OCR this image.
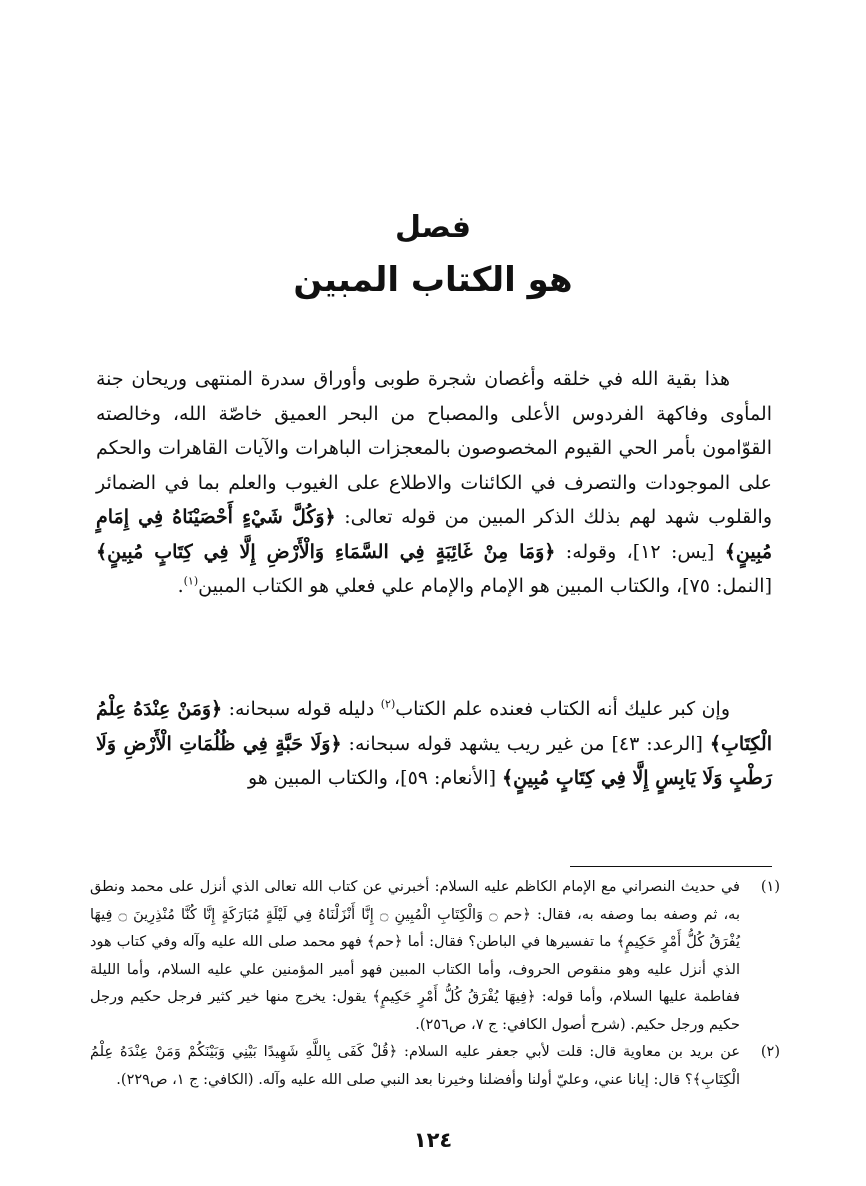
فصل
هو الكتاب المبين

هذا بقية الله في خلقه وأغصان شجرة طوبى وأوراق سدرة المنتهى وريحان جنة المأوى وفاكهة الفردوس الأعلى والمصباح من البحر العميق خاصّة الله، وخالصته القوّامون بأمر الحي القيوم المخصوصون بالمعجزات الباهرات والآيات القاهرات والحكم على الموجودات والتصرف في الكائنات والاطلاع على الغيوب والعلم بما في الضمائر والقلوب شهد لهم بذلك الذكر المبين من قوله تعالى: ﴿وَكُلَّ شَيْءٍ أَحْصَيْنَاهُ فِي إِمَامٍ مُبِينٍ﴾ [يس: ١٢]، وقوله: ﴿وَمَا مِنْ غَائِبَةٍ فِي السَّمَاءِ وَالْأَرْضِ إِلَّا فِي كِتَابٍ مُبِينٍ﴾ [النمل: ٧٥]، والكتاب المبين هو الإمام والإمام علي فعلي هو الكتاب المبين$^{(١)}$.

وإن كبر عليك أنه الكتاب فعنده علم الكتاب$^{(٢)}$ دليله قوله سبحانه: ﴿وَمَنْ عِنْدَهُ عِلْمُ الْكِتَابِ﴾ [الرعد: ٤٣] من غير ريب يشهد قوله سبحانه: ﴿وَلَا حَبَّةٍ فِي ظُلُمَاتِ الْأَرْضِ وَلَا رَطْبٍ وَلَا يَابِسٍ إِلَّا فِي كِتَابٍ مُبِينٍ﴾ [الأنعام: ٥٩]، والكتاب المبين هو

(١)
في حديث النصراني مع الإمام الكاظم عليه السلام: أخبرني عن كتاب الله تعالى الذي أنزل على محمد ونطق به، ثم وصفه بما وصفه به، فقال: ﴿حم ۝ وَالْكِتَابِ الْمُبِينِ ۝ إِنَّا أَنْزَلْنَاهُ فِي لَيْلَةٍ مُبَارَكَةٍ إِنَّا كُنَّا مُنْذِرِينَ ۝ فِيهَا يُفْرَقُ كُلُّ أَمْرٍ حَكِيمٍ﴾ ما تفسيرها في الباطن؟ فقال: أما ﴿حم﴾ فهو محمد صلى الله عليه وآله وفي كتاب هود الذي أنزل عليه وهو منقوص الحروف، وأما الكتاب المبين فهو أمير المؤمنين علي عليه السلام، وأما الليلة ففاطمة عليها السلام، وأما قوله: ﴿فِيهَا يُفْرَقُ كُلُّ أَمْرٍ حَكِيمٍ﴾ يقول: يخرج منها خير كثير فرجل حكيم ورجل حكيم ورجل حكيم. (شرح أصول الكافي: ج ٧، ص٢٥٦).
(٢)
عن بريد بن معاوية قال: قلت لأبي جعفر عليه السلام: ﴿قُلْ كَفَى بِاللَّهِ شَهِيدًا بَيْنِي وَبَيْنَكُمْ وَمَنْ عِنْدَهُ عِلْمُ الْكِتَابِ﴾؟ قال: إيانا عني، وعليّ أولنا وأفضلنا وخيرنا بعد النبي صلى الله عليه وآله. (الكافي: ج ١، ص٢٢٩).
١٢٤
